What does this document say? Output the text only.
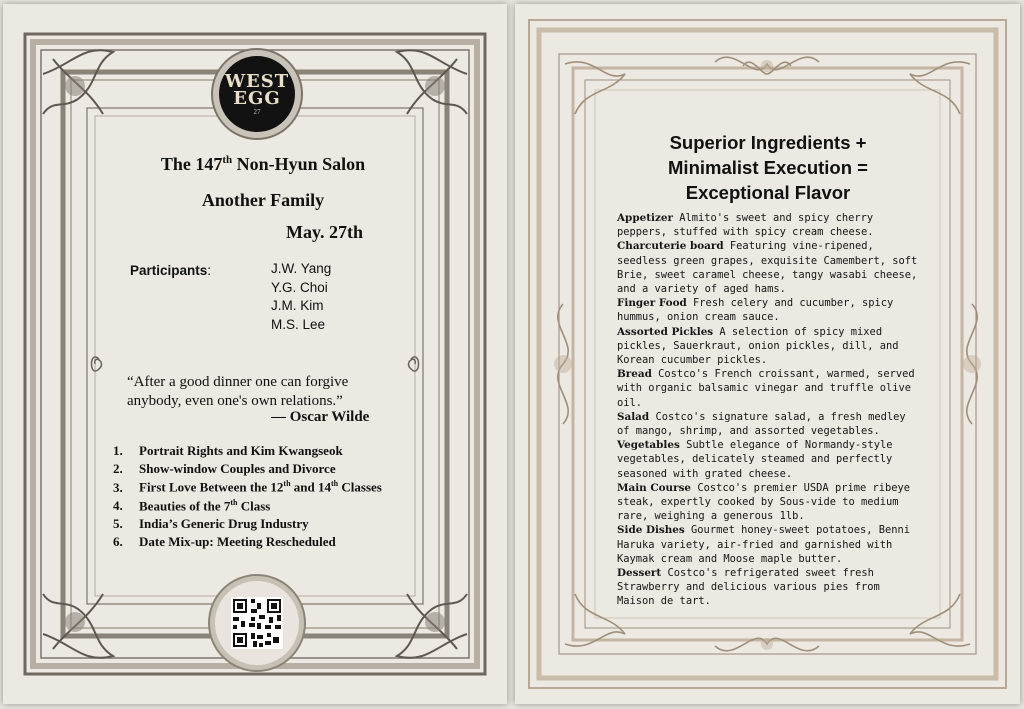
WEST
EGG
27
The 147th Non-Hyun Salon
Another Family
May. 27th
Participants:	J.W. Yang
Y.G. Choi
J.M. Kim
M.S. Lee
“After a good dinner one can forgive anybody, even one's own relations.”
— Oscar Wilde
1. Portrait Rights and Kim Kwangseok
2. Show-window Couples and Divorce
3. First Love Between the 12th and 14th Classes
4. Beauties of the 7th Class
5. India’s Generic Drug Industry
6. Date Mix-up: Meeting Rescheduled
Superior Ingredients +
Minimalist Execution =
Exceptional Flavor

Appetizer Almito's sweet and spicy cherry peppers, stuffed with spicy cream cheese.

Charcuterie board Featuring vine-ripened, seedless green grapes, exquisite Camembert, soft Brie, sweet caramel cheese, tangy wasabi cheese, and a variety of aged hams.

Finger Food Fresh celery and cucumber, spicy hummus, onion cream sauce.

Assorted Pickles A selection of spicy mixed pickles, Sauerkraut, onion pickles, dill, and Korean cucumber pickles.

Bread Costco's French croissant, warmed, served with organic balsamic vinegar and truffle olive oil.

Salad Costco's signature salad, a fresh medley of mango, shrimp, and assorted vegetables.

Vegetables Subtle elegance of Normandy-style vegetables, delicately steamed and perfectly seasoned with grated cheese.

Main Course Costco's premier USDA prime ribeye steak, expertly cooked by Sous-vide to medium rare, weighing a generous 1lb.

Side Dishes Gourmet honey-sweet potatoes, Benni Haruka variety, air-fried and garnished with Kaymak cream and Moose maple butter.

Dessert Costco's refrigerated sweet fresh Strawberry and delicious various pies from Maison de tart.
